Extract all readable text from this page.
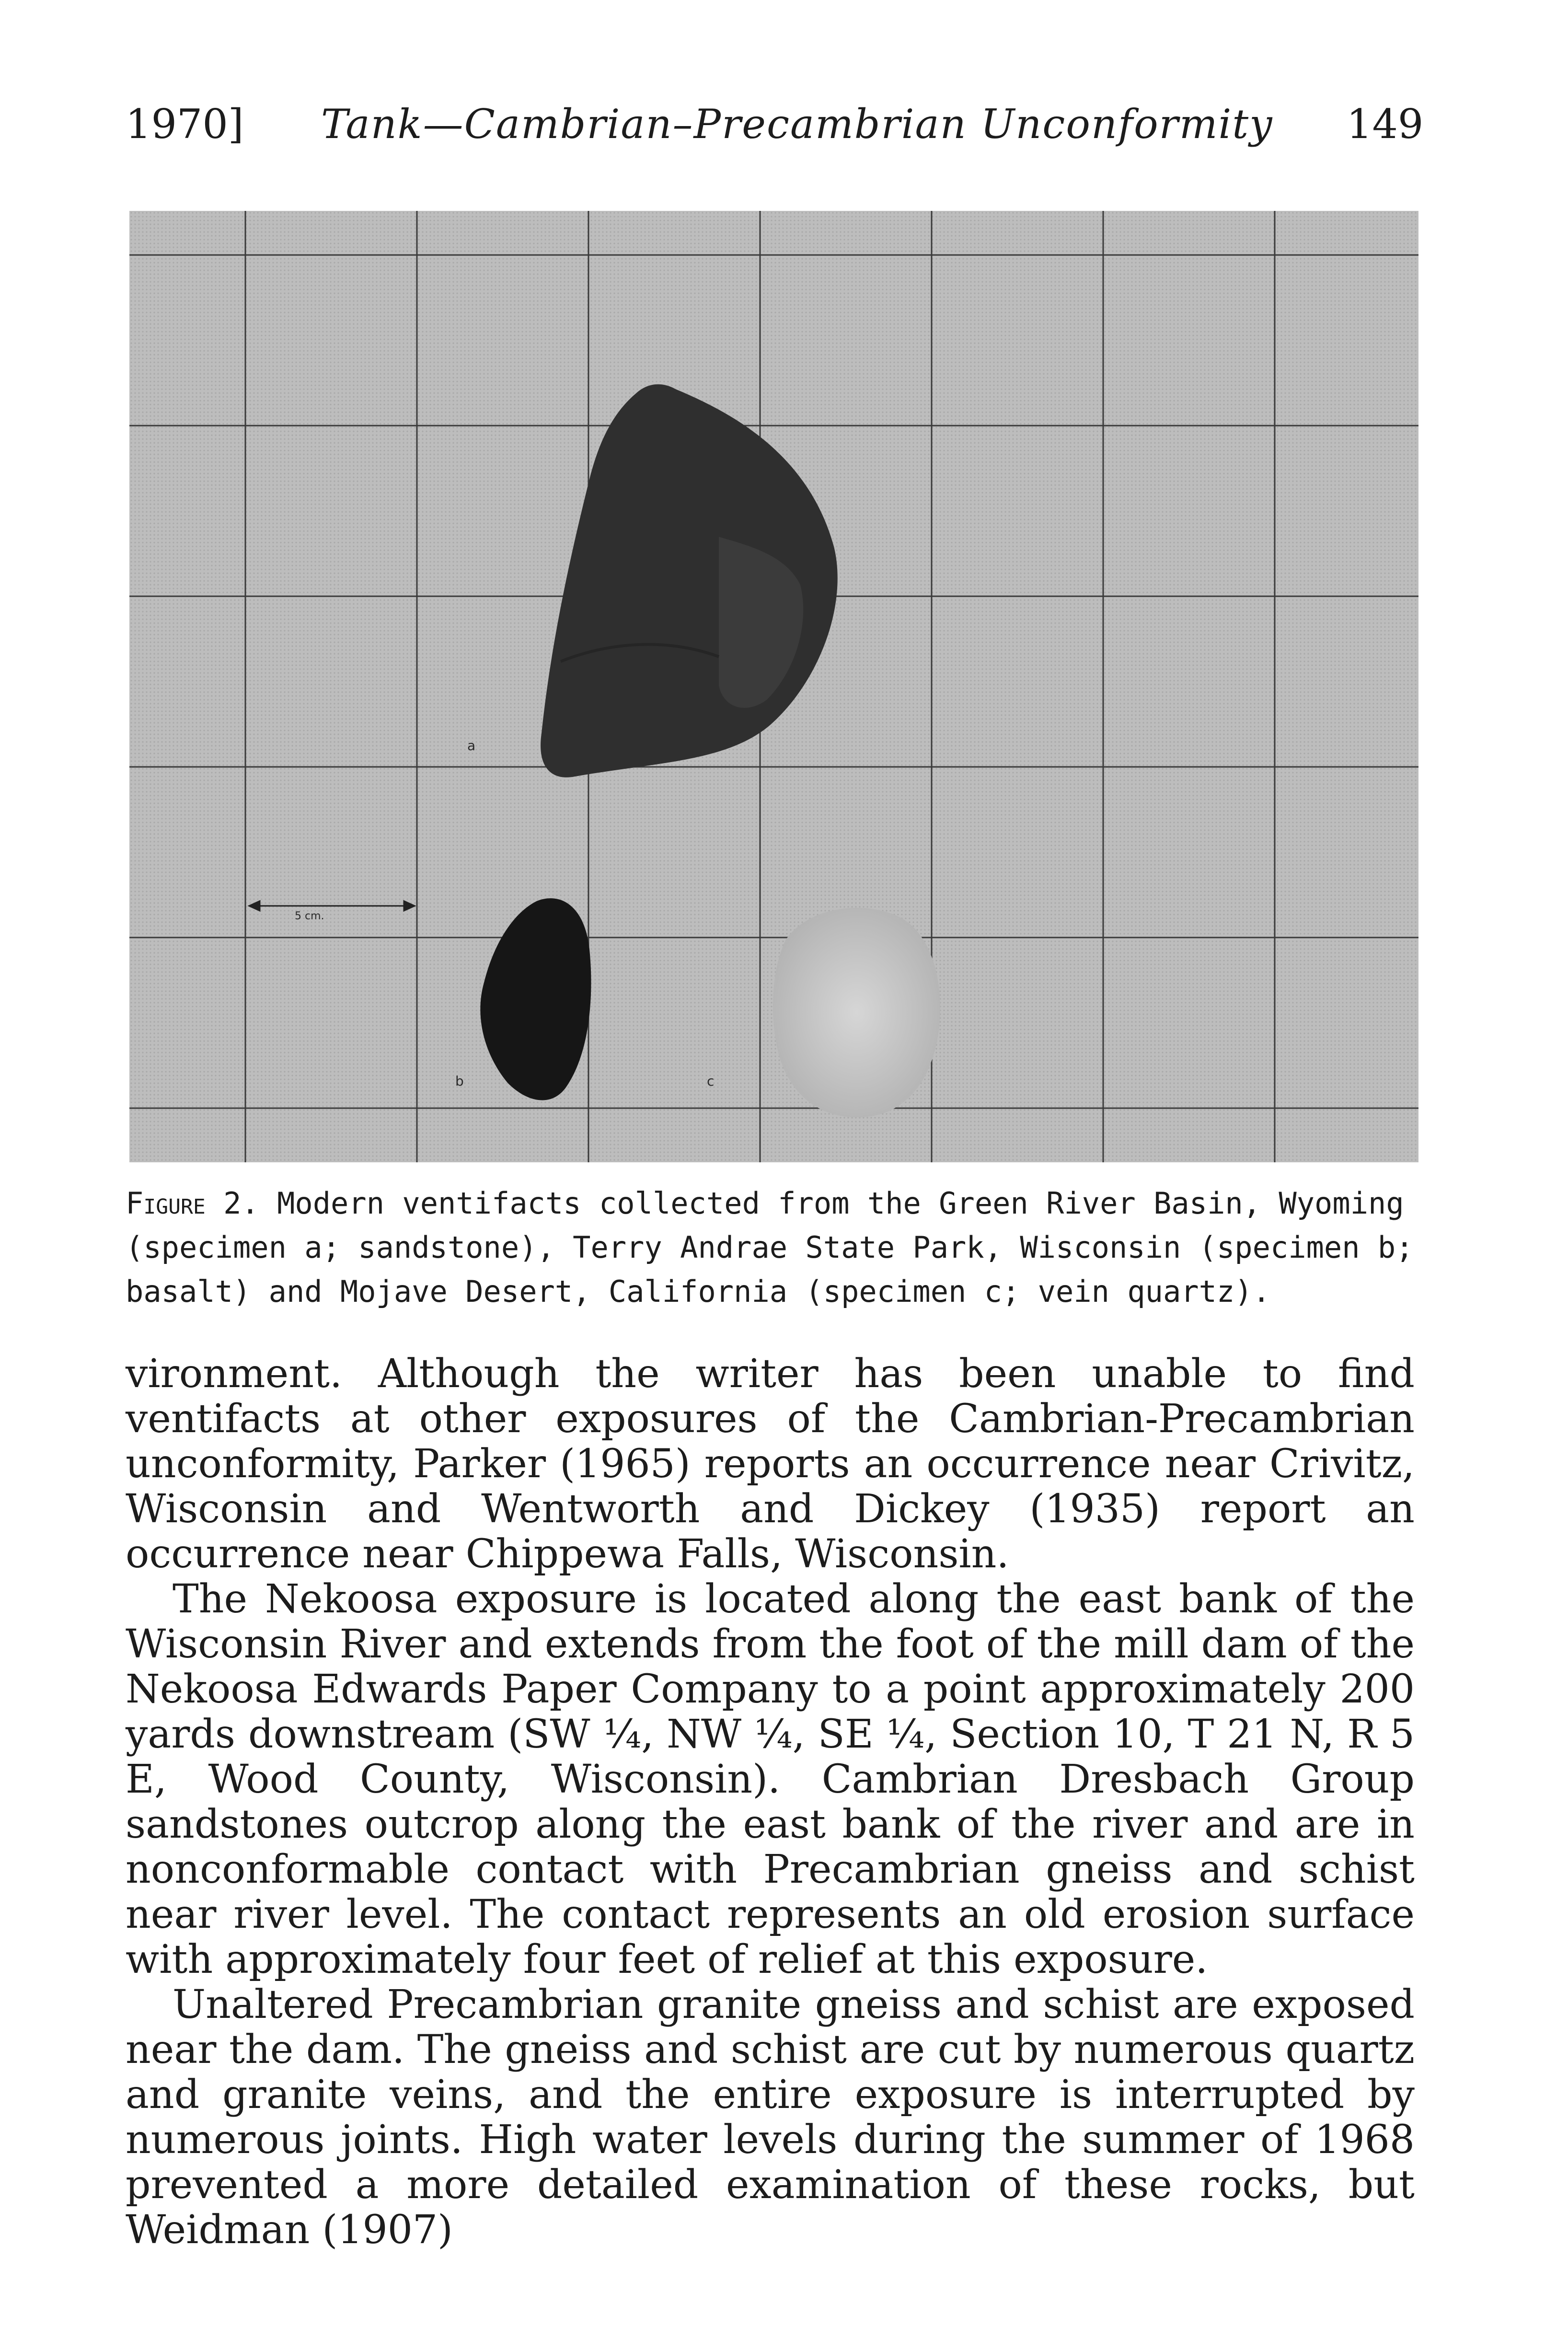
1970] Tank—Cambrian–Precambrian Unconformity 149
5 cm.
a
b	c
Figure 2. Modern ventifacts collected from the Green River Basin, Wyoming (specimen a; sandstone), Terry Andrae State Park, Wisconsin (specimen b; basalt) and Mojave Desert, California (specimen c; vein quartz).

vironment. Although the writer has been unable to find ventifacts at other exposures of the Cambrian-Precambrian unconformity, Parker (1965) reports an occurrence near Crivitz, Wisconsin and Wentworth and Dickey (1935) report an occurrence near Chippewa Falls, Wisconsin.

The Nekoosa exposure is located along the east bank of the Wisconsin River and extends from the foot of the mill dam of the Nekoosa Edwards Paper Company to a point approximately 200 yards downstream (SW ¼, NW ¼, SE ¼, Section 10, T 21 N, R 5 E, Wood County, Wisconsin). Cambrian Dresbach Group sandstones outcrop along the east bank of the river and are in nonconformable contact with Precambrian gneiss and schist near river level. The contact represents an old erosion surface with approximately four feet of relief at this exposure.

Unaltered Precambrian granite gneiss and schist are exposed near the dam. The gneiss and schist are cut by numerous quartz and granite veins, and the entire exposure is interrupted by numerous joints. High water levels during the summer of 1968 prevented a more detailed examination of these rocks, but Weidman (1907)
